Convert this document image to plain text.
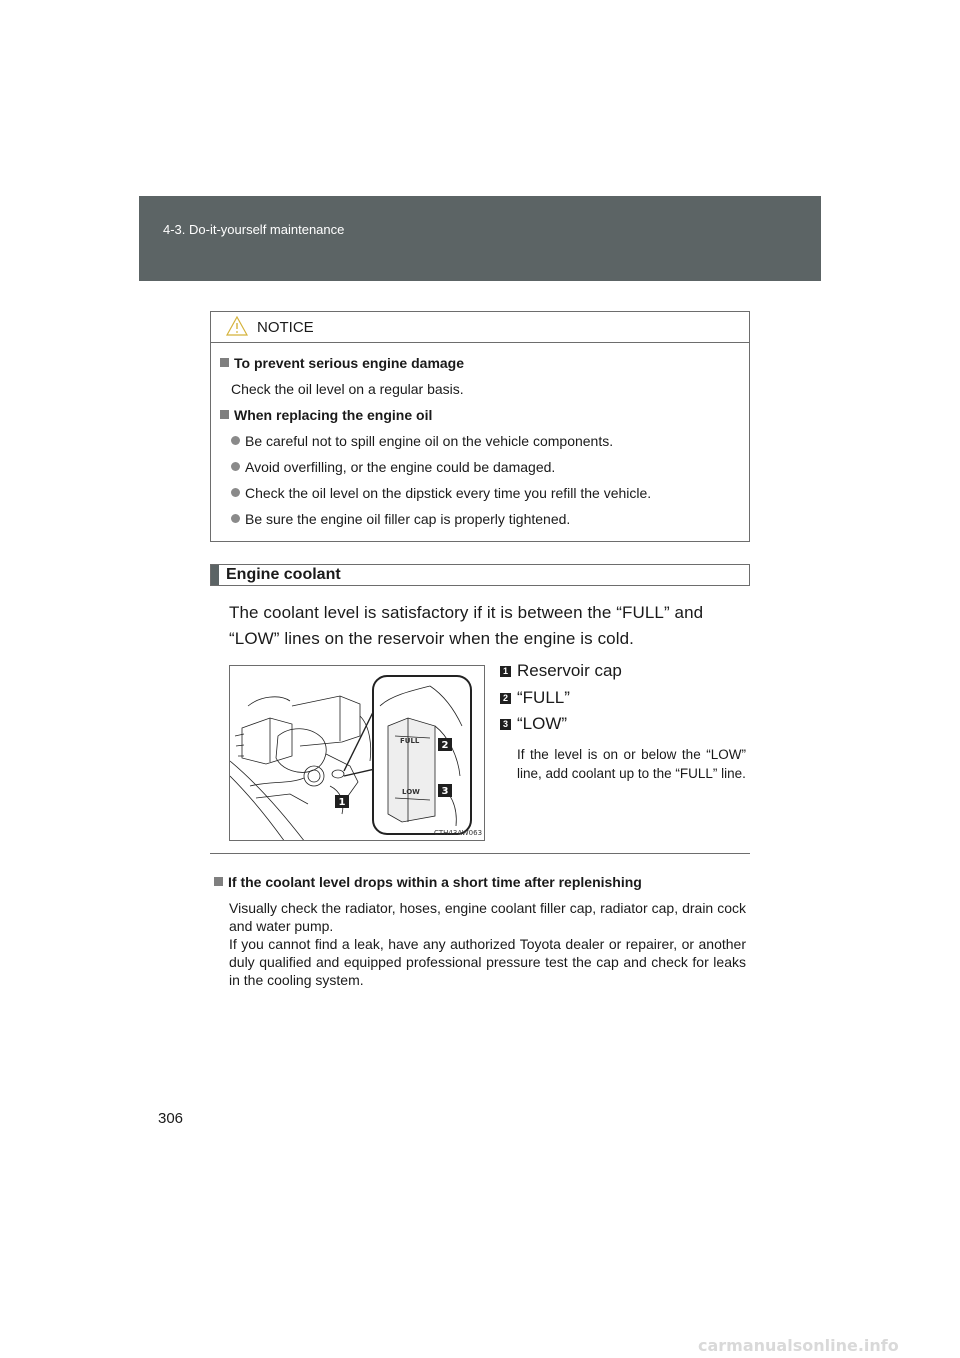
4-3. Do-it-yourself maintenance
NOTICE
To prevent serious engine damage
Check the oil level on a regular basis.
When replacing the engine oil
Be careful not to spill engine oil on the vehicle components.
Avoid overfilling, or the engine could be damaged.
Check the oil level on the dipstick every time you refill the vehicle.
Be sure the engine oil filler cap is properly tightened.
Engine coolant
The coolant level is satisfactory if it is between the “FULL” and “LOW” lines on the reservoir when the engine is cold.
FULL
LOW
2
3
1
CTH43AW063
1 Reservoir cap
2 “FULL”
3 “LOW”
If the level is on or below the “LOW” line, add coolant up to the “FULL” line.
If the coolant level drops within a short time after replenishing

Visually check the radiator, hoses, engine coolant filler cap, radiator cap, drain cock and water pump.

If you cannot find a leak, have any authorized Toyota dealer or repairer, or another duly qualified and equipped professional pressure test the cap and check for leaks in the cooling system.

306
carmanualsonline.info
